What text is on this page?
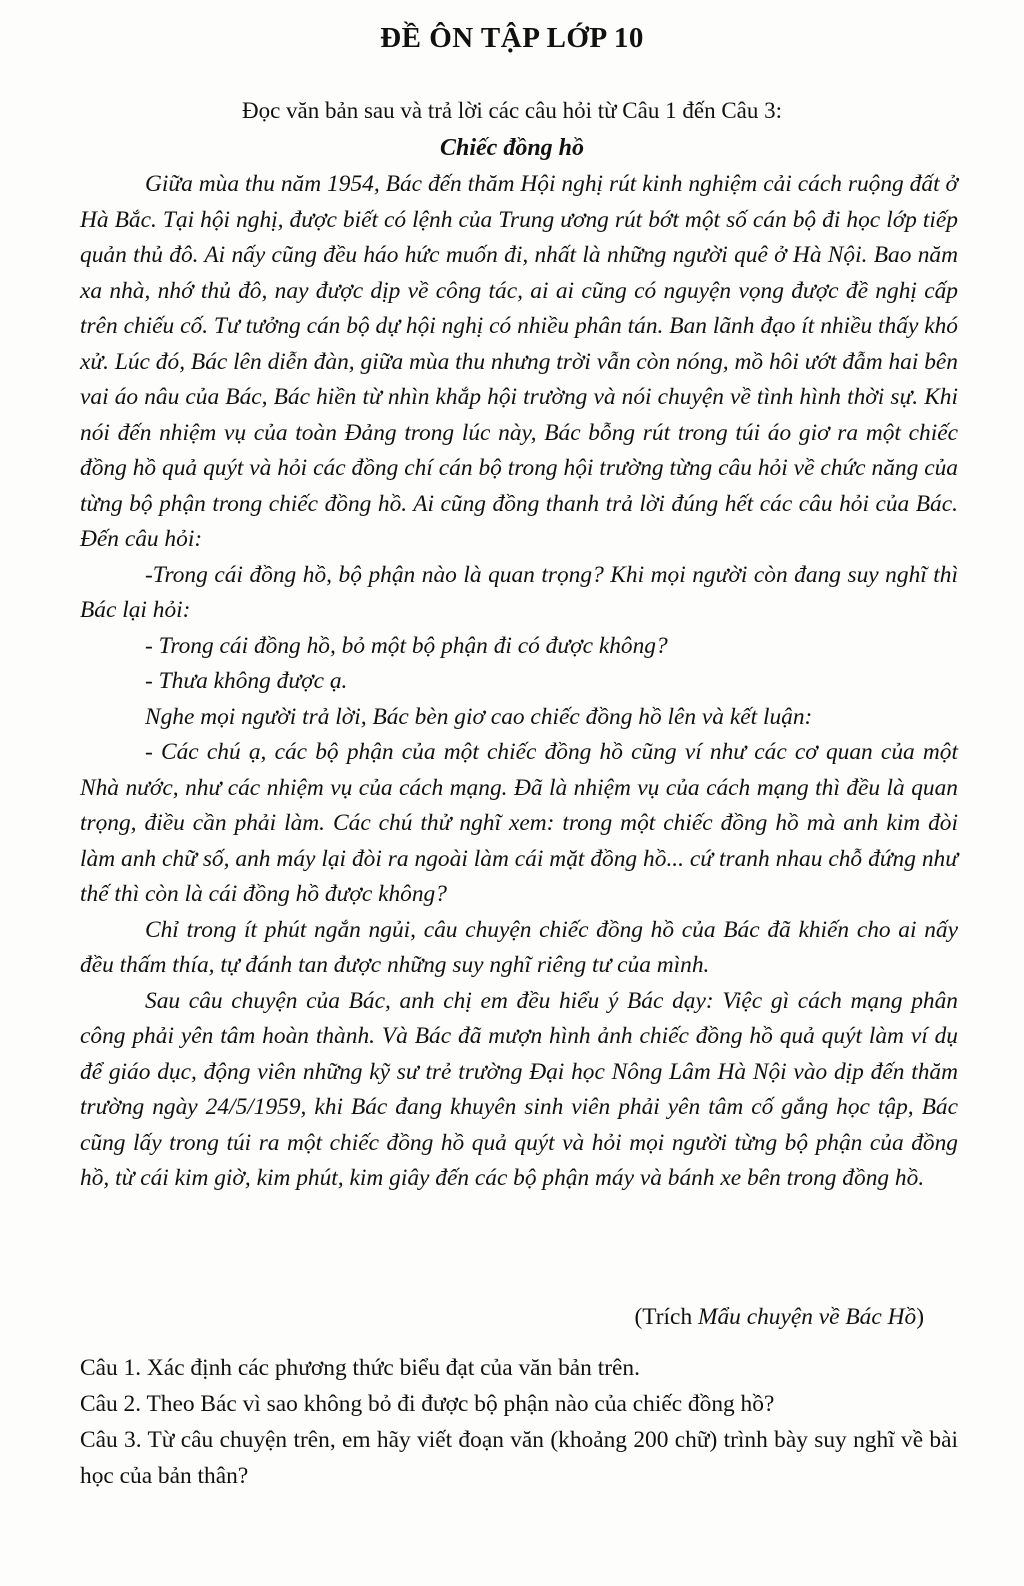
ĐỀ ÔN TẬP LỚP 10
Đọc văn bản sau và trả lời các câu hỏi từ Câu 1 đến Câu 3:
Chiếc đồng hồ

Giữa mùa thu năm 1954, Bác đến thăm Hội nghị rút kinh nghiệm cải cách ruộng đất ở Hà Bắc. Tại hội nghị, được biết có lệnh của Trung ương rút bớt một số cán bộ đi học lớp tiếp quản thủ đô. Ai nấy cũng đều háo hức muốn đi, nhất là những người quê ở Hà Nội. Bao năm xa nhà, nhớ thủ đô, nay được dịp về công tác, ai ai cũng có nguyện vọng được đề nghị cấp trên chiếu cố. Tư tưởng cán bộ dự hội nghị có nhiều phân tán. Ban lãnh đạo ít nhiều thấy khó xử. Lúc đó, Bác lên diễn đàn, giữa mùa thu nhưng trời vẫn còn nóng, mồ hôi ướt đẫm hai bên vai áo nâu của Bác, Bác hiền từ nhìn khắp hội trường và nói chuyện về tình hình thời sự. Khi nói đến nhiệm vụ của toàn Đảng trong lúc này, Bác bỗng rút trong túi áo giơ ra một chiếc đồng hồ quả quýt và hỏi các đồng chí cán bộ trong hội trường từng câu hỏi về chức năng của từng bộ phận trong chiếc đồng hồ. Ai cũng đồng thanh trả lời đúng hết các câu hỏi của Bác. Đến câu hỏi:

-Trong cái đồng hồ, bộ phận nào là quan trọng? Khi mọi người còn đang suy nghĩ thì Bác lại hỏi:

- Trong cái đồng hồ, bỏ một bộ phận đi có được không?

- Thưa không được ạ.

Nghe mọi người trả lời, Bác bèn giơ cao chiếc đồng hồ lên và kết luận:

- Các chú ạ, các bộ phận của một chiếc đồng hồ cũng ví như các cơ quan của một Nhà nước, như các nhiệm vụ của cách mạng. Đã là nhiệm vụ của cách mạng thì đều là quan trọng, điều cần phải làm. Các chú thử nghĩ xem: trong một chiếc đồng hồ mà anh kim đòi làm anh chữ số, anh máy lại đòi ra ngoài làm cái mặt đồng hồ... cứ tranh nhau chỗ đứng như thế thì còn là cái đồng hồ được không?

Chỉ trong ít phút ngắn ngủi, câu chuyện chiếc đồng hồ của Bác đã khiến cho ai nấy đều thấm thía, tự đánh tan được những suy nghĩ riêng tư của mình.

Sau câu chuyện của Bác, anh chị em đều hiểu ý Bác dạy: Việc gì cách mạng phân công phải yên tâm hoàn thành. Và Bác đã mượn hình ảnh chiếc đồng hồ quả quýt làm ví dụ để giáo dục, động viên những kỹ sư trẻ trường Đại học Nông Lâm Hà Nội vào dịp đến thăm trường ngày 24/5/1959, khi Bác đang khuyên sinh viên phải yên tâm cố gắng học tập, Bác cũng lấy trong túi ra một chiếc đồng hồ quả quýt và hỏi mọi người từng bộ phận của đồng hồ, từ cái kim giờ, kim phút, kim giây đến các bộ phận máy và bánh xe bên trong đồng hồ.

(Trích Mẩu chuyện về Bác Hồ)

Câu 1. Xác định các phương thức biểu đạt của văn bản trên.

Câu 2. Theo Bác vì sao không bỏ đi được bộ phận nào của chiếc đồng hồ?

Câu 3. Từ câu chuyện trên, em hãy viết đoạn văn (khoảng 200 chữ) trình bày suy nghĩ về bài học của bản thân?
